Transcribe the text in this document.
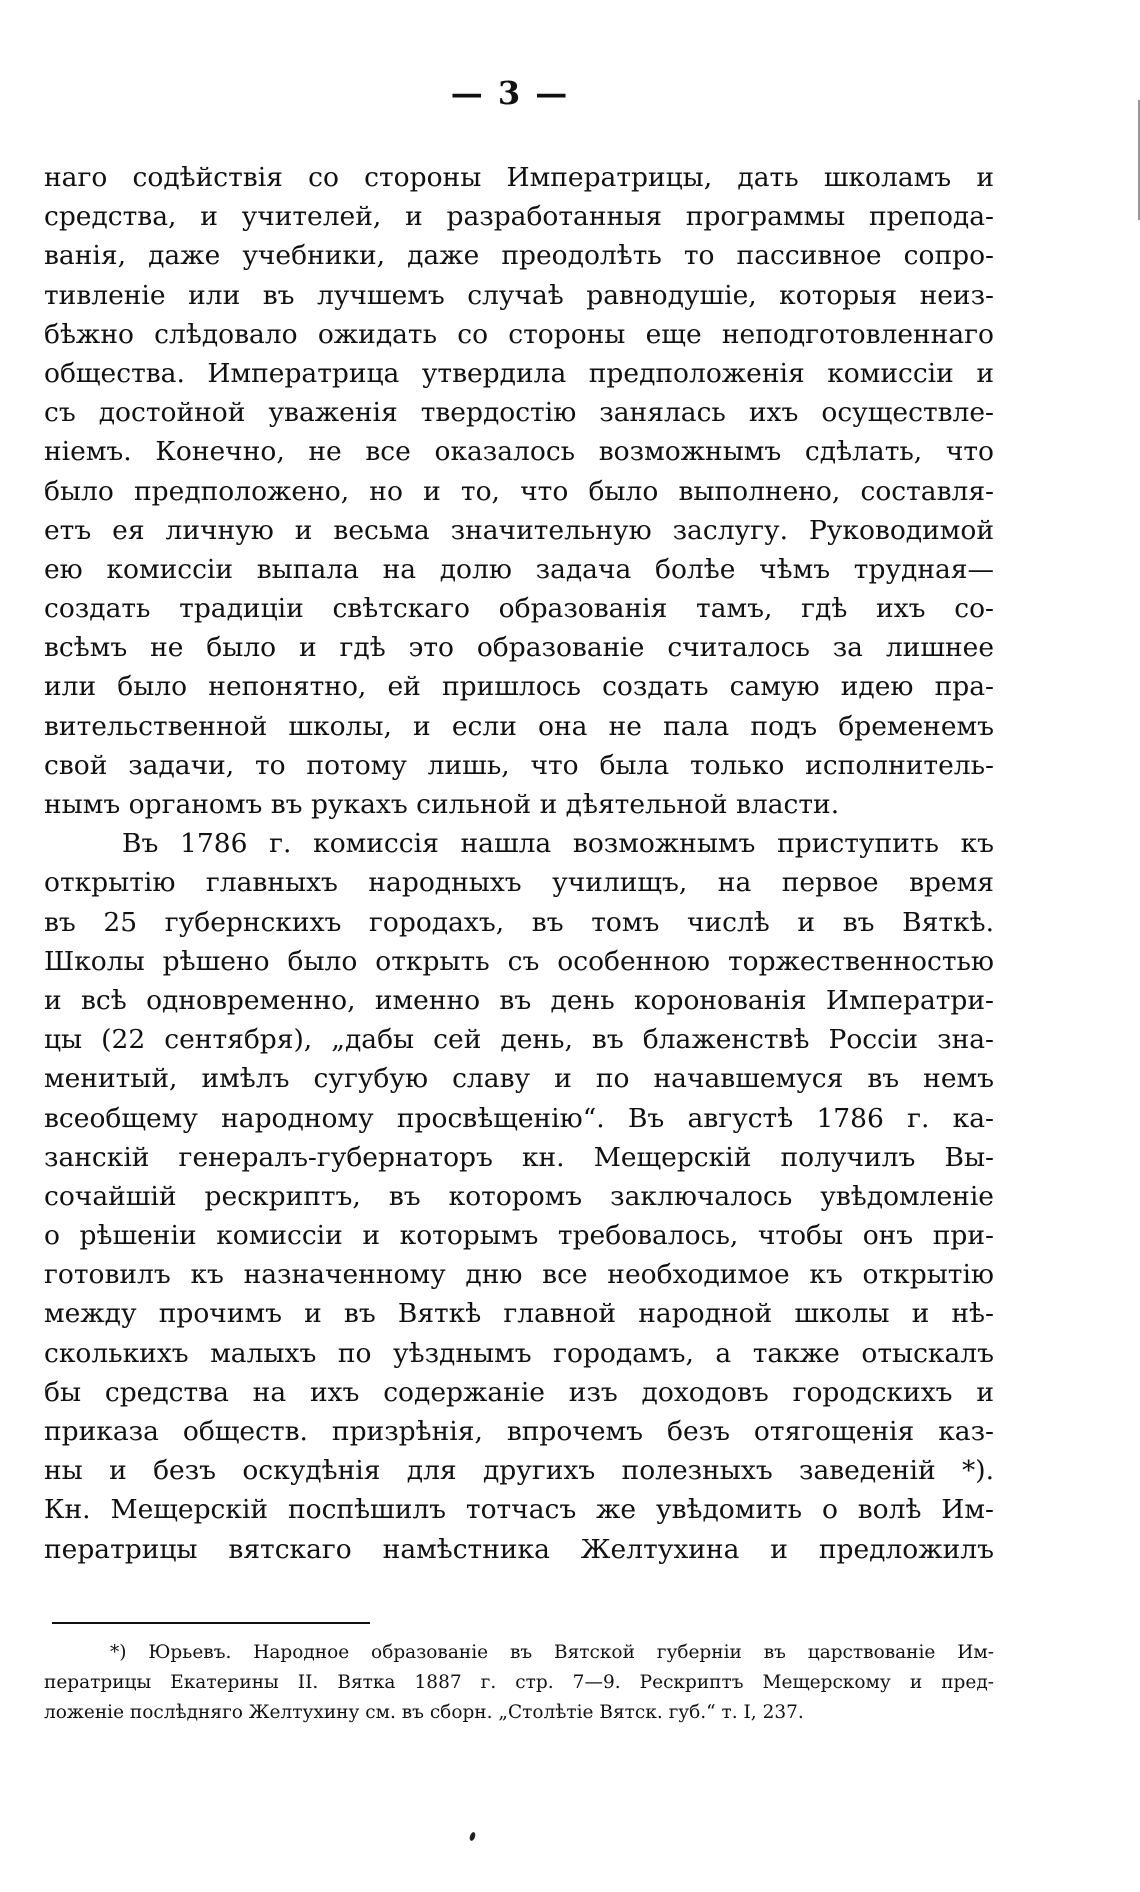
— 3 —
наго содѣйствія со стороны Императрицы, дать школамъ и
средства, и учителей, и разработанныя программы препода-
ванія, даже учебники, даже преодолѣть то пассивное сопро-
тивленіе или въ лучшемъ случаѣ равнодушіе, которыя неиз-
бѣжно слѣдовало ожидать со стороны еще неподготовленнаго
общества. Императрица утвердила предположенія комиссіи и
съ достойной уваженія твердостію занялась ихъ осуществле-
ніемъ. Конечно, не все оказалось возможнымъ сдѣлать, что
было предположено, но и то, что было выполнено, составля-
етъ ея личную и весьма значительную заслугу. Руководимой
ею комиссіи выпала на долю задача болѣе чѣмъ трудная—
создать традиціи свѣтскаго образованія тамъ, гдѣ ихъ со-
всѣмъ не было и гдѣ это образованіе считалось за лишнее
или было непонятно, ей пришлось создать самую идею пра-
вительственной школы, и если она не пала подъ бременемъ
свой задачи, то потому лишь, что была только исполнитель-
нымъ органомъ въ рукахъ сильной и дѣятельной власти.
Въ 1786 г. комиссія нашла возможнымъ приступить къ
открытію главныхъ народныхъ училищъ, на первое время
въ 25 губернскихъ городахъ, въ томъ числѣ и въ Вяткѣ.
Школы рѣшено было открыть съ особенною торжественностью
и всѣ одновременно, именно въ день коронованія Императри-
цы (22 сентября), „дабы сей день, въ блаженствѣ Россіи зна-
менитый, имѣлъ сугубую славу и по начавшемуся въ немъ
всеобщему народному просвѣщенію“. Въ августѣ 1786 г. ка-
занскій генералъ-губернаторъ кн. Мещерскій получилъ Вы-
сочайшій рескриптъ, въ которомъ заключалось увѣдомленіе
о рѣшеніи комиссіи и которымъ требовалось, чтобы онъ при-
готовилъ къ назначенному дню все необходимое къ открытію
между прочимъ и въ Вяткѣ главной народной школы и нѣ-
сколькихъ малыхъ по уѣзднымъ городамъ, а также отыскалъ
бы средства на ихъ содержаніе изъ доходовъ городскихъ и
приказа обществ. призрѣнія, впрочемъ безъ отягощенія каз-
ны и безъ оскудѣнія для другихъ полезныхъ заведеній *).
Кн. Мещерскій поспѣшилъ тотчасъ же увѣдомить о волѣ Им-
ператрицы вятскаго намѣстника Желтухина и предложилъ
*) Юрьевъ. Народное образованіе въ Вятской губерніи въ царствованіе Им-
ператрицы Екатерины II. Вятка 1887 г. стр. 7—9. Рескриптъ Мещерскому и пред-
ложеніе послѣдняго Желтухину см. въ сборн. „Столѣтіе Вятск. губ.“ т. I, 237.
